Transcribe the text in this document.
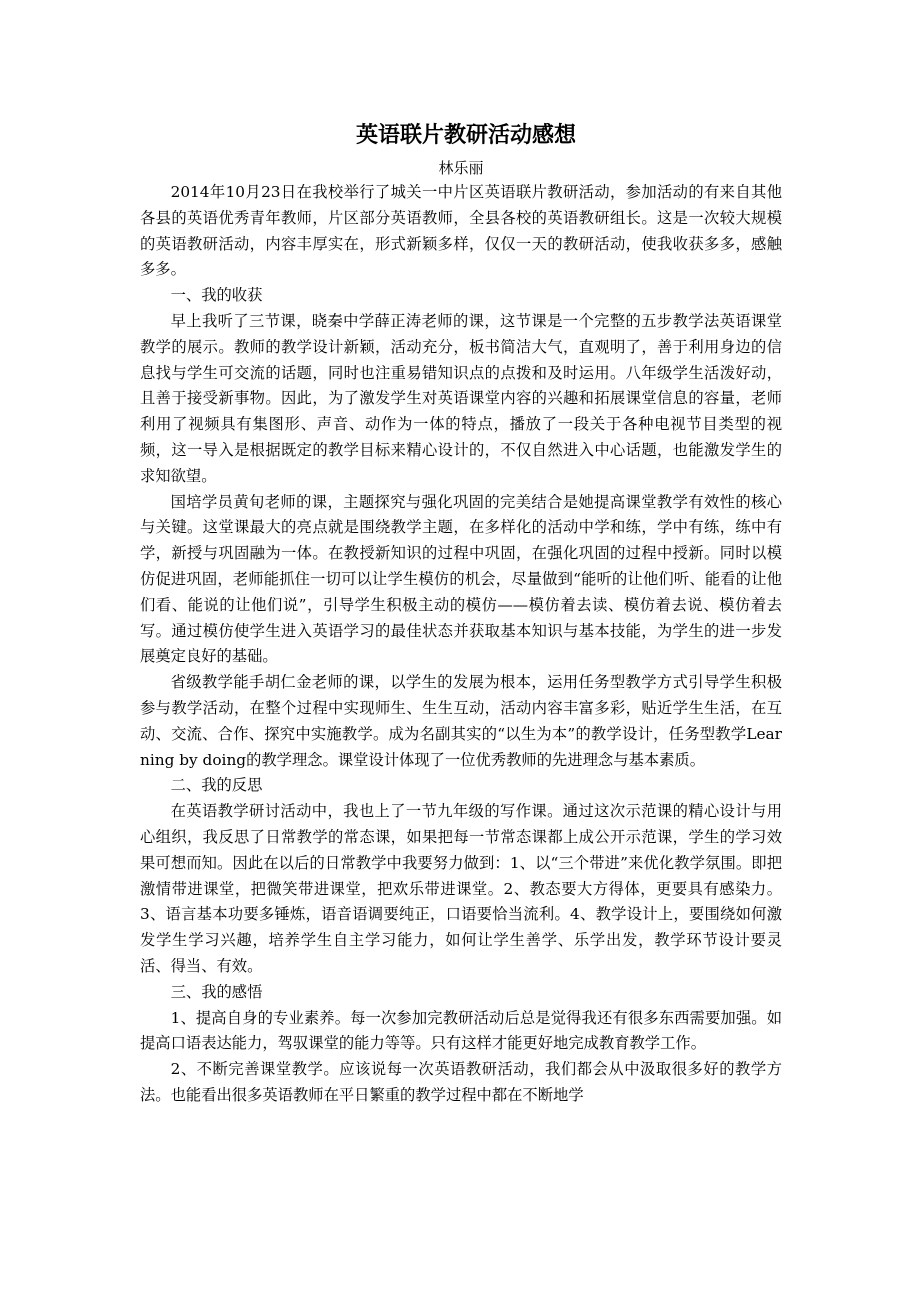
英语联片教研活动感想
林乐丽

2014年10月23日在我校举行了城关一中片区英语联片教研活动，参加活动的有来自其他各县的英语优秀青年教师，片区部分英语教师，全县各校的英语教研组长。这是一次较大规模的英语教研活动，内容丰厚实在，形式新颖多样，仅仅一天的教研活动，使我收获多多，感触多多。

一、我的收获

早上我听了三节课，晓秦中学薛正涛老师的课，这节课是一个完整的五步教学法英语课堂教学的展示。教师的教学设计新颖，活动充分，板书简洁大气，直观明了，善于利用身边的信息找与学生可交流的话题，同时也注重易错知识点的点拨和及时运用。八年级学生活泼好动，且善于接受新事物。因此，为了激发学生对英语课堂内容的兴趣和拓展课堂信息的容量，老师利用了视频具有集图形、声音、动作为一体的特点，播放了一段关于各种电视节目类型的视频，这一导入是根据既定的教学目标来精心设计的，不仅自然进入中心话题，也能激发学生的求知欲望。

国培学员黄旬老师的课，主题探究与强化巩固的完美结合是她提高课堂教学有效性的核心与关键。这堂课最大的亮点就是围绕教学主题，在多样化的活动中学和练，学中有练，练中有学，新授与巩固融为一体。在教授新知识的过程中巩固，在强化巩固的过程中授新。同时以模仿促进巩固，老师能抓住一切可以让学生模仿的机会，尽量做到“能听的让他们听、能看的让他们看、能说的让他们说”，引导学生积极主动的模仿——模仿着去读、模仿着去说、模仿着去写。通过模仿使学生进入英语学习的最佳状态并获取基本知识与基本技能，为学生的进一步发展奠定良好的基础。

省级教学能手胡仁金老师的课，以学生的发展为根本，运用任务型教学方式引导学生积极参与教学活动，在整个过程中实现师生、生生互动，活动内容丰富多彩，贴近学生生活，在互动、交流、合作、探究中实施教学。成为名副其实的“以生为本”的教学设计，任务型教学Learning by doing的教学理念。课堂设计体现了一位优秀教师的先进理念与基本素质。

二、我的反思

在英语教学研讨活动中，我也上了一节九年级的写作课。通过这次示范课的精心设计与用心组织，我反思了日常教学的常态课，如果把每一节常态课都上成公开示范课，学生的学习效果可想而知。因此在以后的日常教学中我要努力做到：1、以“三个带进”来优化教学氛围。即把激情带进课堂，把微笑带进课堂，把欢乐带进课堂。2、教态要大方得体，更要具有感染力。3、语言基本功要多锤炼，语音语调要纯正，口语要恰当流利。4、教学设计上，要围绕如何激发学生学习兴趣，培养学生自主学习能力，如何让学生善学、乐学出发，教学环节设计要灵活、得当、有效。

三、我的感悟

1、提高自身的专业素养。每一次参加完教研活动后总是觉得我还有很多东西需要加强。如提高口语表达能力，驾驭课堂的能力等等。只有这样才能更好地完成教育教学工作。

2、不断完善课堂教学。应该说每一次英语教研活动，我们都会从中汲取很多好的教学方法。也能看出很多英语教师在平日繁重的教学过程中都在不断地学
